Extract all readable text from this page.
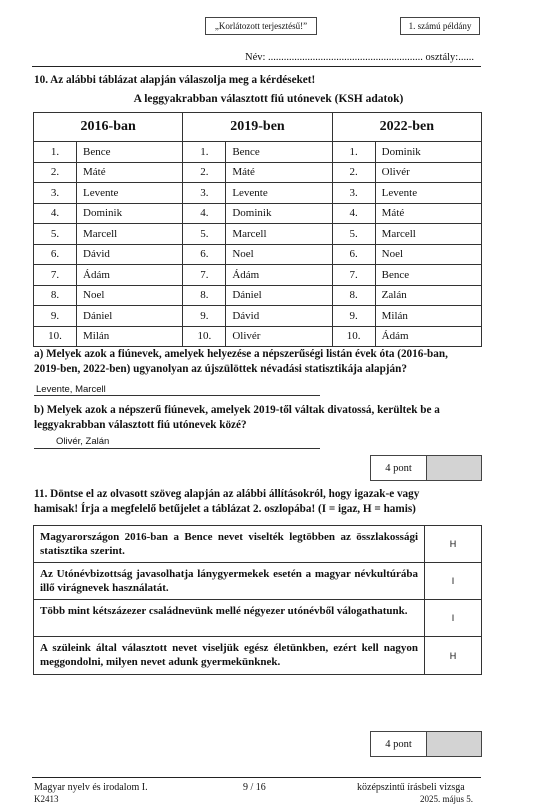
„Korlátozott terjesztésű!”	1. számú példány
Név: ........................................................... osztály:......
10. Az alábbi táblázat alapján válaszolja meg a kérdéseket!
A leggyakrabban választott fiú utónevek (KSH adatok)
2016-ban		2019-ben		2022-ben	
1.	Bence	1.	Bence	1.	Dominik
2.	Máté	2.	Máté	2.	Olivér
3.	Levente	3.	Levente	3.	Levente
4.	Dominik	4.	Dominik	4.	Máté
5.	Marcell	5.	Marcell	5.	Marcell
6.	Dávid	6.	Noel	6.	Noel
7.	Ádám	7.	Ádám	7.	Bence
8.	Noel	8.	Dániel	8.	Zalán
9.	Dániel	9.	Dávid	9.	Milán
10.	Milán	10.	Olivér	10.	Ádám
a) Melyek azok a fiúnevek, amelyek helyezése a népszerűségi listán évek óta (2016-ban,
2019-ben, 2022-ben) ugyanolyan az újszülöttek névadási statisztikája alapján?
Levente, Marcell
b) Melyek azok a népszerű fiúnevek, amelyek 2019-től váltak divatossá, kerültek be a
leggyakrabban választott fiú utónevek közé?
Olivér, Zalán
4 pont
11. Döntse el az olvasott szöveg alapján az alábbi állításokról, hogy igazak-e vagy
hamisak! Írja a megfelelő betűjelet a táblázat 2. oszlopába! (I = igaz, H = hamis)
Magyarországon 2016-ban a Bence nevet viselték legtöbben az összlakossági statisztika szerint.	H
Az Utónévbizottság javasolhatja lánygyermekek esetén a magyar névkultúrába illő virágnevek használatát.	I
Több mint kétszázezer családnevünk mellé négyezer utónévből válogathatunk.	I
A szüleink által választott nevet viseljük egész életünkben, ezért kell nagyon meggondolni, milyen nevet adunk gyermekünknek.	H
4 pont
Magyar nyelv és irodalom I.	9 / 16	középszintű írásbeli vizsga
K2413	2025. május 5.
